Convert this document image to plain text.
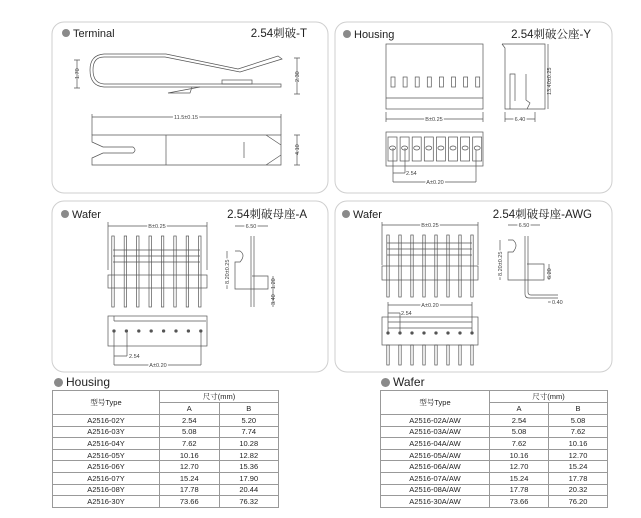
Terminal	2.54刺破-T	Housing	2.54刺破公座-Y
Wafer	2.54刺破母座-A	Wafer	2.54刺破母座-AWG
1.70	2.30
11.5±0.15
4.10
B±0.25
13.40±0.25
6.40
2.54
A±0.20
B±0.25	6.50
8.20±0.25	1.20
3.40
2.54
A±0.20
B±0.25	6.50
8.20±0.25	6.20
0.40
A±0.20
2.54
Housing
型号Type	尺寸(mm)	
	A	B
A2516-02Y	2.54	5.20
A2516-03Y	5.08	7.74
A2516-04Y	7.62	10.28
A2516-05Y	10.16	12.82
A2516-06Y	12.70	15.36
A2516-07Y	15.24	17.90
A2516-08Y	17.78	20.44
A2516-30Y	73.66	76.32
Wafer
型号Type	尺寸(mm)	
	A	B
A2516-02A/AW	2.54	5.08
A2516-03A/AW	5.08	7.62
A2516-04A/AW	7.62	10.16
A2516-05A/AW	10.16	12.70
A2516-06A/AW	12.70	15.24
A2516-07A/AW	15.24	17.78
A2516-08A/AW	17.78	20.32
A2516-30A/AW	73.66	76.20
